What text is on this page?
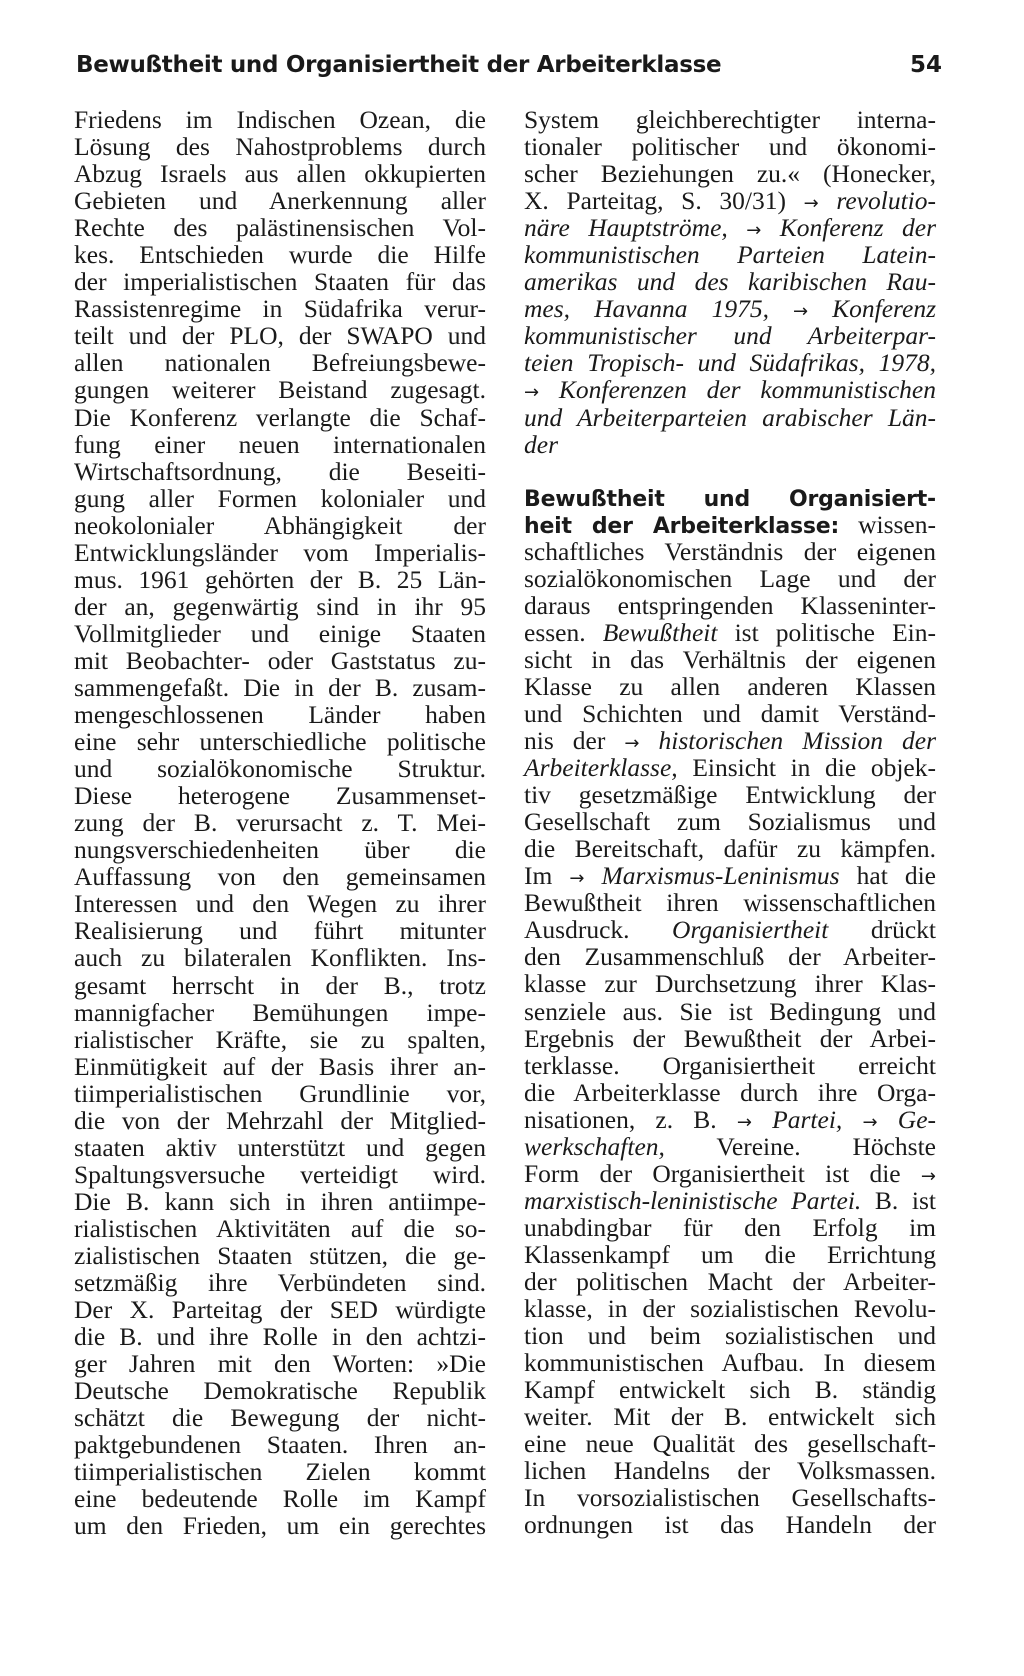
Bewußtheit und Organisiertheit der Arbeiterklasse	54
Friedens im Indischen Ozean, die
Lösung des Nahostproblems durch
Abzug Israels aus allen okkupierten
Gebieten und Anerkennung aller
Rechte des palästinensischen Vol-
kes. Entschieden wurde die Hilfe
der imperialistischen Staaten für das
Rassistenregime in Südafrika verur-
teilt und der PLO, der SWAPO und
allen nationalen Befreiungsbewe-
gungen weiterer Beistand zugesagt.
Die Konferenz verlangte die Schaf-
fung einer neuen internationalen
Wirtschaftsordnung, die Beseiti-
gung aller Formen kolonialer und
neokolonialer Abhängigkeit der
Entwicklungsländer vom Imperialis-
mus. 1961 gehörten der B. 25 Län-
der an, gegenwärtig sind in ihr 95
Vollmitglieder und einige Staaten
mit Beobachter- oder Gaststatus zu-
sammengefaßt. Die in der B. zusam-
mengeschlossenen Länder haben
eine sehr unterschiedliche politische
und sozialökonomische Struktur.
Diese heterogene Zusammenset-
zung der B. verursacht z. T. Mei-
nungsverschiedenheiten über die
Auffassung von den gemeinsamen
Interessen und den Wegen zu ihrer
Realisierung und führt mitunter
auch zu bilateralen Konflikten. Ins-
gesamt herrscht in der B., trotz
mannigfacher Bemühungen impe-
rialistischer Kräfte, sie zu spalten,
Einmütigkeit auf der Basis ihrer an-
tiimperialistischen Grundlinie vor,
die von der Mehrzahl der Mitglied-
staaten aktiv unterstützt und gegen
Spaltungsversuche verteidigt wird.
Die B. kann sich in ihren antiimpe-
rialistischen Aktivitäten auf die so-
zialistischen Staaten stützen, die ge-
setzmäßig ihre Verbündeten sind.
Der X. Parteitag der SED würdigte
die B. und ihre Rolle in den achtzi-
ger Jahren mit den Worten: »Die
Deutsche Demokratische Republik
schätzt die Bewegung der nicht-
paktgebundenen Staaten. Ihren an-
tiimperialistischen Zielen kommt
eine bedeutende Rolle im Kampf
um den Frieden, um ein gerechtes
System gleichberechtigter interna-
tionaler politischer und ökonomi-
scher Beziehungen zu.« (Honecker,
X. Parteitag, S. 30/31) → revolutio-
näre Hauptströme, → Konferenz der
kommunistischen Parteien Latein-
amerikas und des karibischen Rau-
mes, Havanna 1975, → Konferenz
kommunistischer und Arbeiterpar-
teien Tropisch- und Südafrikas, 1978,
→ Konferenzen der kommunistischen
und Arbeiterparteien arabischer Län-
der
Bewußtheit und Organisiert-
heit der Arbeiterklasse: wissen-
schaftliches Verständnis der eigenen
sozialökonomischen Lage und der
daraus entspringenden Klasseninter-
essen. Bewußtheit ist politische Ein-
sicht in das Verhältnis der eigenen
Klasse zu allen anderen Klassen
und Schichten und damit Verständ-
nis der → historischen Mission der
Arbeiterklasse, Einsicht in die objek-
tiv gesetzmäßige Entwicklung der
Gesellschaft zum Sozialismus und
die Bereitschaft, dafür zu kämpfen.
Im → Marxismus-Leninismus hat die
Bewußtheit ihren wissenschaftlichen
Ausdruck. Organisiertheit drückt
den Zusammenschluß der Arbeiter-
klasse zur Durchsetzung ihrer Klas-
senziele aus. Sie ist Bedingung und
Ergebnis der Bewußtheit der Arbei-
terklasse. Organisiertheit erreicht
die Arbeiterklasse durch ihre Orga-
nisationen, z. B. → Partei, → Ge-
werkschaften, Vereine. Höchste
Form der Organisiertheit ist die →
marxistisch-leninistische Partei. B. ist
unabdingbar für den Erfolg im
Klassenkampf um die Errichtung
der politischen Macht der Arbeiter-
klasse, in der sozialistischen Revolu-
tion und beim sozialistischen und
kommunistischen Aufbau. In diesem
Kampf entwickelt sich B. ständig
weiter. Mit der B. entwickelt sich
eine neue Qualität des gesellschaft-
lichen Handelns der Volksmassen.
In vorsozialistischen Gesellschafts-
ordnungen ist das Handeln der
